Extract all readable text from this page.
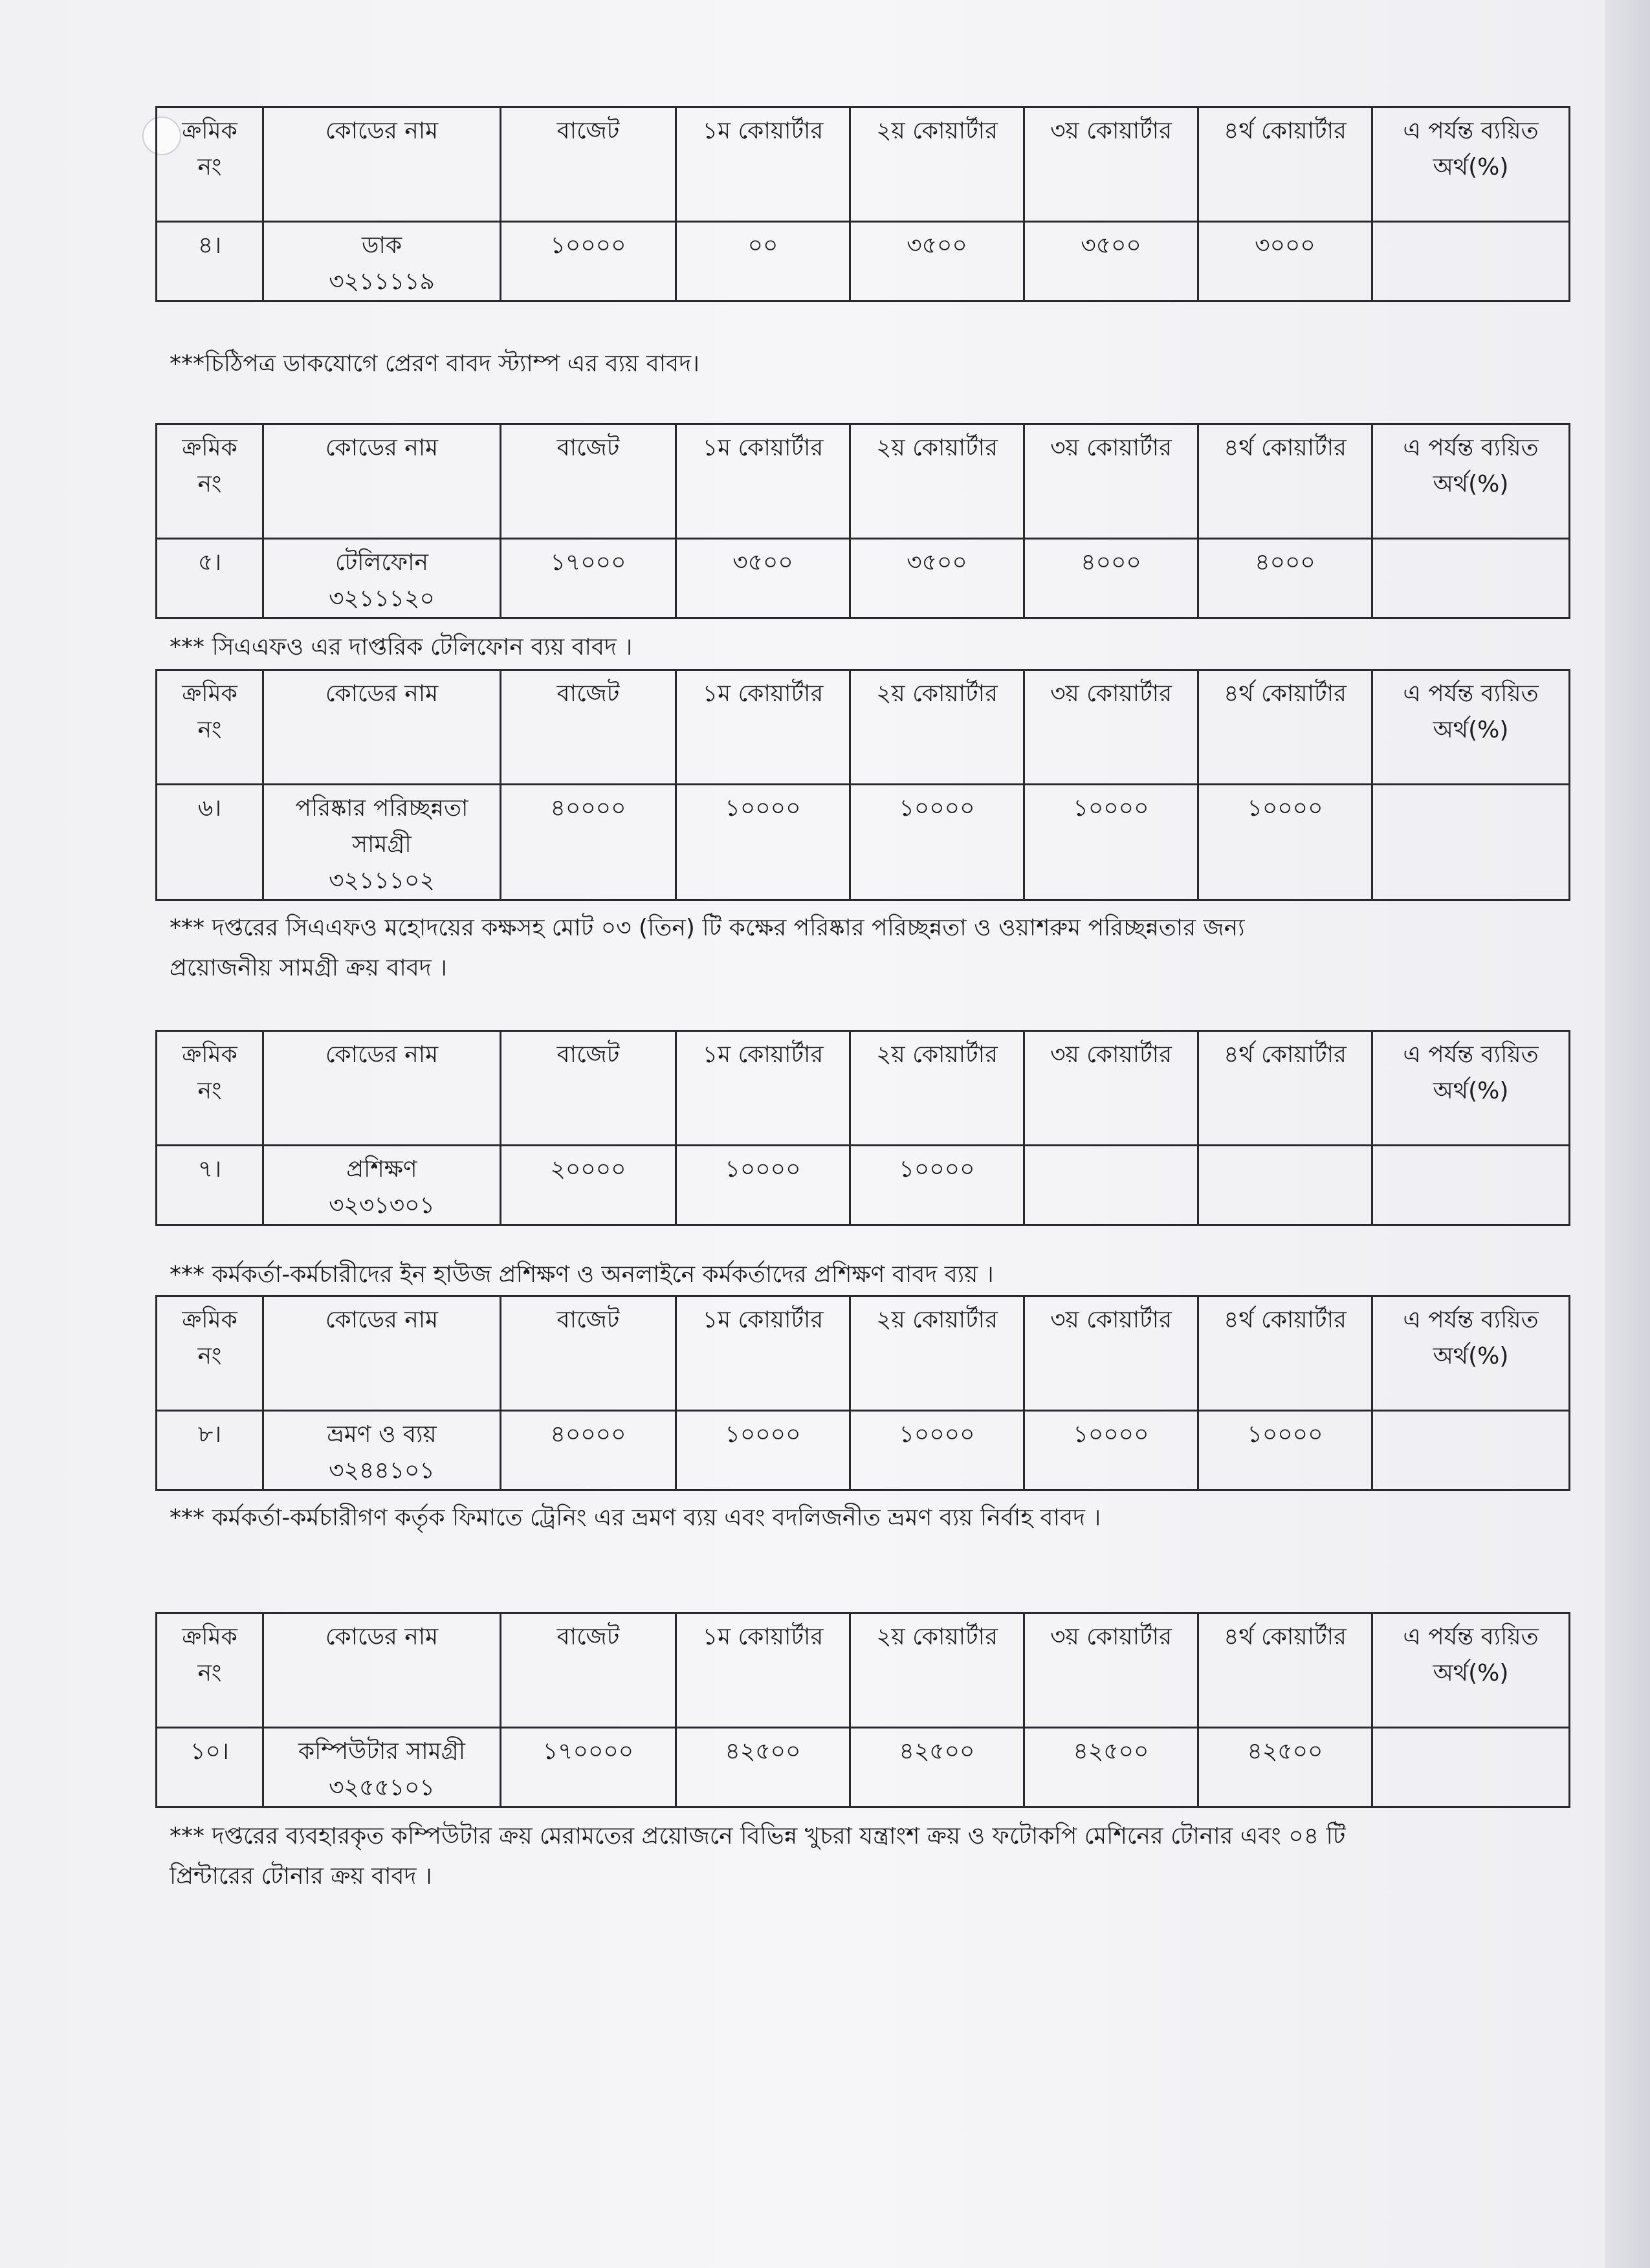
ক্রমিক
নং	কোডের নাম	বাজেট	১ম কোয়ার্টার	২য় কোয়ার্টার	৩য় কোয়ার্টার	৪র্থ কোয়ার্টার	এ পর্যন্ত ব্যয়িত
অর্থ(%)

৪।	ডাক
৩২১১১১৯	১০০০০	০০	৩৫০০	৩৫০০	৩০০০	

***চিঠিপত্র ডাকযোগে প্রেরণ বাবদ স্ট্যাম্প এর ব্যয় বাবদ।

ক্রমিক
নং	কোডের নাম	বাজেট	১ম কোয়ার্টার	২য় কোয়ার্টার	৩য় কোয়ার্টার	৪র্থ কোয়ার্টার	এ পর্যন্ত ব্যয়িত
অর্থ(%)

৫।	টেলিফোন
৩২১১১২০	১৭০০০	৩৫০০	৩৫০০	৪০০০	৪০০০	

*** সিএএফও এর দাপ্তরিক টেলিফোন ব্যয় বাবদ ।

ক্রমিক
নং	কোডের নাম	বাজেট	১ম কোয়ার্টার	২য় কোয়ার্টার	৩য় কোয়ার্টার	৪র্থ কোয়ার্টার	এ পর্যন্ত ব্যয়িত
অর্থ(%)

৬।	পরিষ্কার পরিচ্ছন্নতা
সামগ্রী
৩২১১১০২	৪০০০০	১০০০০	১০০০০	১০০০০	১০০০০	

*** দপ্তরের সিএএফও মহোদয়ের কক্ষসহ মোট ০৩ (তিন) টি কক্ষের পরিষ্কার পরিচ্ছন্নতা ও ওয়াশরুম পরিচ্ছন্নতার জন্য
প্রয়োজনীয় সামগ্রী ক্রয় বাবদ ।

ক্রমিক
নং	কোডের নাম	বাজেট	১ম কোয়ার্টার	২য় কোয়ার্টার	৩য় কোয়ার্টার	৪র্থ কোয়ার্টার	এ পর্যন্ত ব্যয়িত
অর্থ(%)

৭।	প্রশিক্ষণ
৩২৩১৩০১	২০০০০	১০০০০	১০০০০			

*** কর্মকর্তা-কর্মচারীদের ইন হাউজ প্রশিক্ষণ ও অনলাইনে কর্মকর্তাদের প্রশিক্ষণ বাবদ ব্যয় ।

ক্রমিক
নং	কোডের নাম	বাজেট	১ম কোয়ার্টার	২য় কোয়ার্টার	৩য় কোয়ার্টার	৪র্থ কোয়ার্টার	এ পর্যন্ত ব্যয়িত
অর্থ(%)

৮।	ভ্রমণ ও ব্যয়
৩২৪৪১০১	৪০০০০	১০০০০	১০০০০	১০০০০	১০০০০	

*** কর্মকর্তা-কর্মচারীগণ কর্তৃক ফিমাতে ট্রেনিং এর ভ্রমণ ব্যয় এবং বদলিজনীত ভ্রমণ ব্যয় নির্বাহ বাবদ ।

ক্রমিক
নং	কোডের নাম	বাজেট	১ম কোয়ার্টার	২য় কোয়ার্টার	৩য় কোয়ার্টার	৪র্থ কোয়ার্টার	এ পর্যন্ত ব্যয়িত
অর্থ(%)

১০।	কম্পিউটার সামগ্রী
৩২৫৫১০১	১৭০০০০	৪২৫০০	৪২৫০০	৪২৫০০	৪২৫০০	

*** দপ্তরের ব্যবহারকৃত কম্পিউটার ক্রয় মেরামতের প্রয়োজনে বিভিন্ন খুচরা যন্ত্রাংশ ক্রয় ও ফটোকপি মেশিনের টোনার এবং ০৪ টি
প্রিন্টারের টোনার ক্রয় বাবদ ।
